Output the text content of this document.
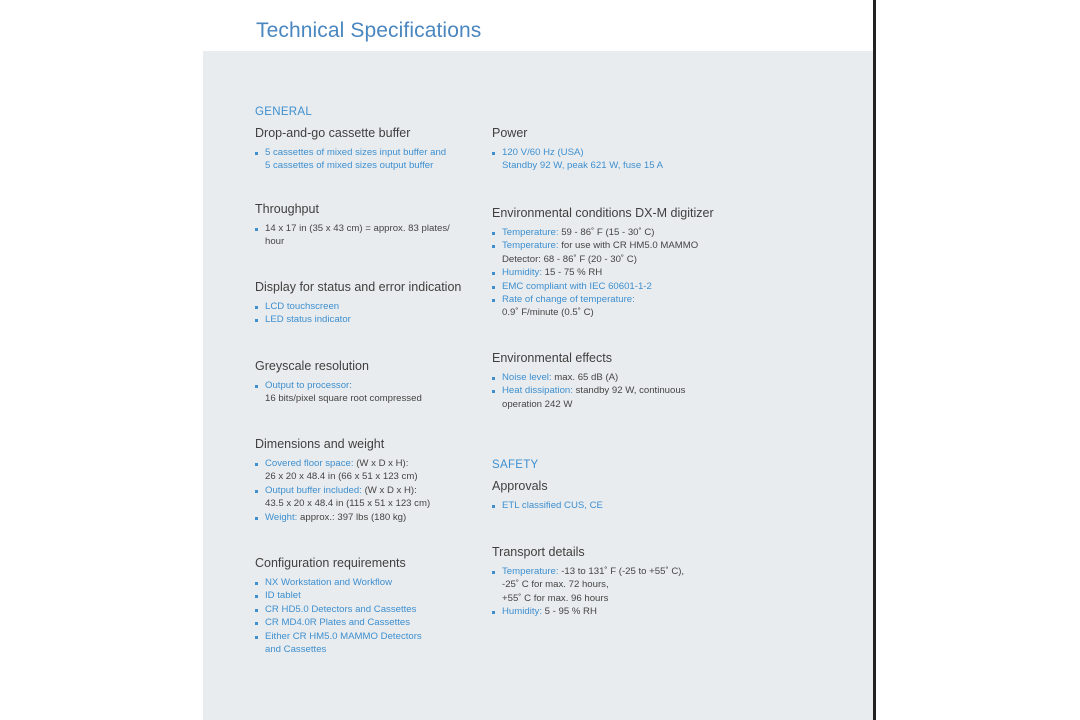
Technical Specifications
GENERAL
Drop-and-go cassette buffer
5 cassettes of mixed sizes input buffer and
5 cassettes of mixed sizes output buffer
Throughput
14 x 17 in (35 x 43 cm) = approx. 83 plates/
hour
Display for status and error indication
LCD touchscreen
LED status indicator
Greyscale resolution
Output to processor:
16 bits/pixel square root compressed
Dimensions and weight
Covered floor space: (W x D x H):
26 x 20 x 48.4 in (66 x 51 x 123 cm)
Output buffer included: (W x D x H):
43.5 x 20 x 48.4 in (115 x 51 x 123 cm)
Weight: approx.: 397 lbs (180 kg)
Configuration requirements
NX Workstation and Workflow
ID tablet
CR HD5.0 Detectors and Cassettes
CR MD4.0R Plates and Cassettes
Either CR HM5.0 MAMMO Detectors
and Cassettes
Power
120 V/60 Hz (USA)
Standby 92 W, peak 621 W, fuse 15 A
Environmental conditions DX-M digitizer
Temperature: 59 - 86˚ F (15 - 30˚ C)
Temperature: for use with CR HM5.0 MAMMO
Detector: 68 - 86˚ F (20 - 30˚ C)
Humidity: 15 - 75 % RH
EMC compliant with IEC 60601-1-2
Rate of change of temperature:
0.9˚ F/minute (0.5˚ C)
Environmental effects
Noise level: max. 65 dB (A)
Heat dissipation: standby 92 W, continuous
operation 242 W
SAFETY
Approvals
ETL classified CUS, CE
Transport details
Temperature: -13 to 131˚ F (-25 to +55˚ C),
-25˚ C for max. 72 hours,
+55˚ C for max. 96 hours
Humidity: 5 - 95 % RH
